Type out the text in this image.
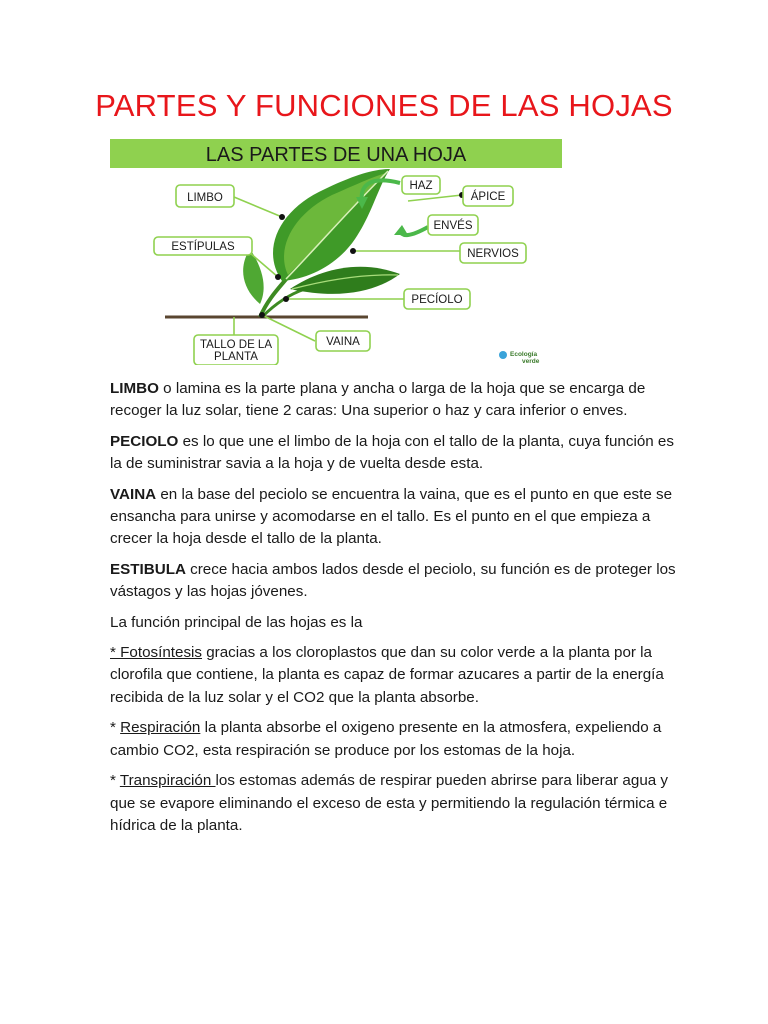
PARTES Y FUNCIONES DE LAS HOJAS
LAS PARTES DE UNA HOJA
LIMBO
ESTÍPULAS
HAZ
ÁPICE
ENVÉS
NERVIOS
PECÍOLO
VAINA
TALLO DE LA
PLANTA	Ecología
verde

LIMBO o lamina es la parte plana y ancha o larga de la hoja que se encarga de recoger la luz solar, tiene 2 caras: Una superior o haz y cara inferior o enves.

PECIOLO es lo que une el limbo de la hoja con el tallo de la planta, cuya función es la de suministrar savia a la hoja y de vuelta desde esta.

VAINA en la base del peciolo se encuentra la vaina, que es el punto en que este se ensancha para unirse y acomodarse en el tallo. Es el punto en el que empieza a crecer la hoja desde el tallo de la planta.

ESTIBULA crece hacia ambos lados desde el peciolo, su función es de proteger los vástagos y las hojas jóvenes.

La función principal de las hojas es la

* Fotosíntesis gracias a los cloroplastos que dan su color verde a la planta por la clorofila que contiene, la planta es capaz de formar azucares a partir de la energía recibida de la luz solar y el CO2 que la planta absorbe.

* Respiración la planta absorbe el oxigeno presente en la atmosfera, expeliendo a cambio CO2, esta respiración se produce por los estomas de la hoja.

* Transpiración los estomas además de respirar pueden abrirse para liberar agua y que se evapore eliminando el exceso de esta y permitiendo la regulación térmica e hídrica de la planta.
